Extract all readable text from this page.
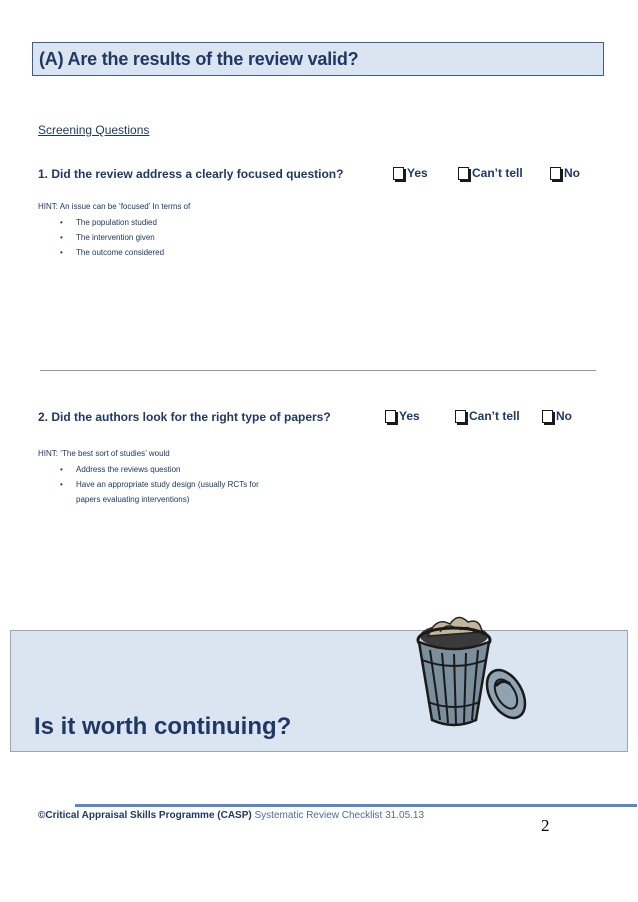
(A) Are the results of the review valid?
Screening Questions
1. Did the review address a clearly focused question?	Yes	Can’t tell	No
HINT: An issue can be ‘focused’ In terms of
• The population studied
• The intervention given
• The outcome considered
2. Did the authors look for the right type of papers?	Yes	Can’t tell	No
HINT: ‘The best sort of studies’ would
• Address the reviews question
• Have an appropriate study design (usually RCTs for
papers evaluating interventions)
Is it worth continuing?
©Critical Appraisal Skills Programme (CASP) Systematic Review Checklist 31.05.13
2
